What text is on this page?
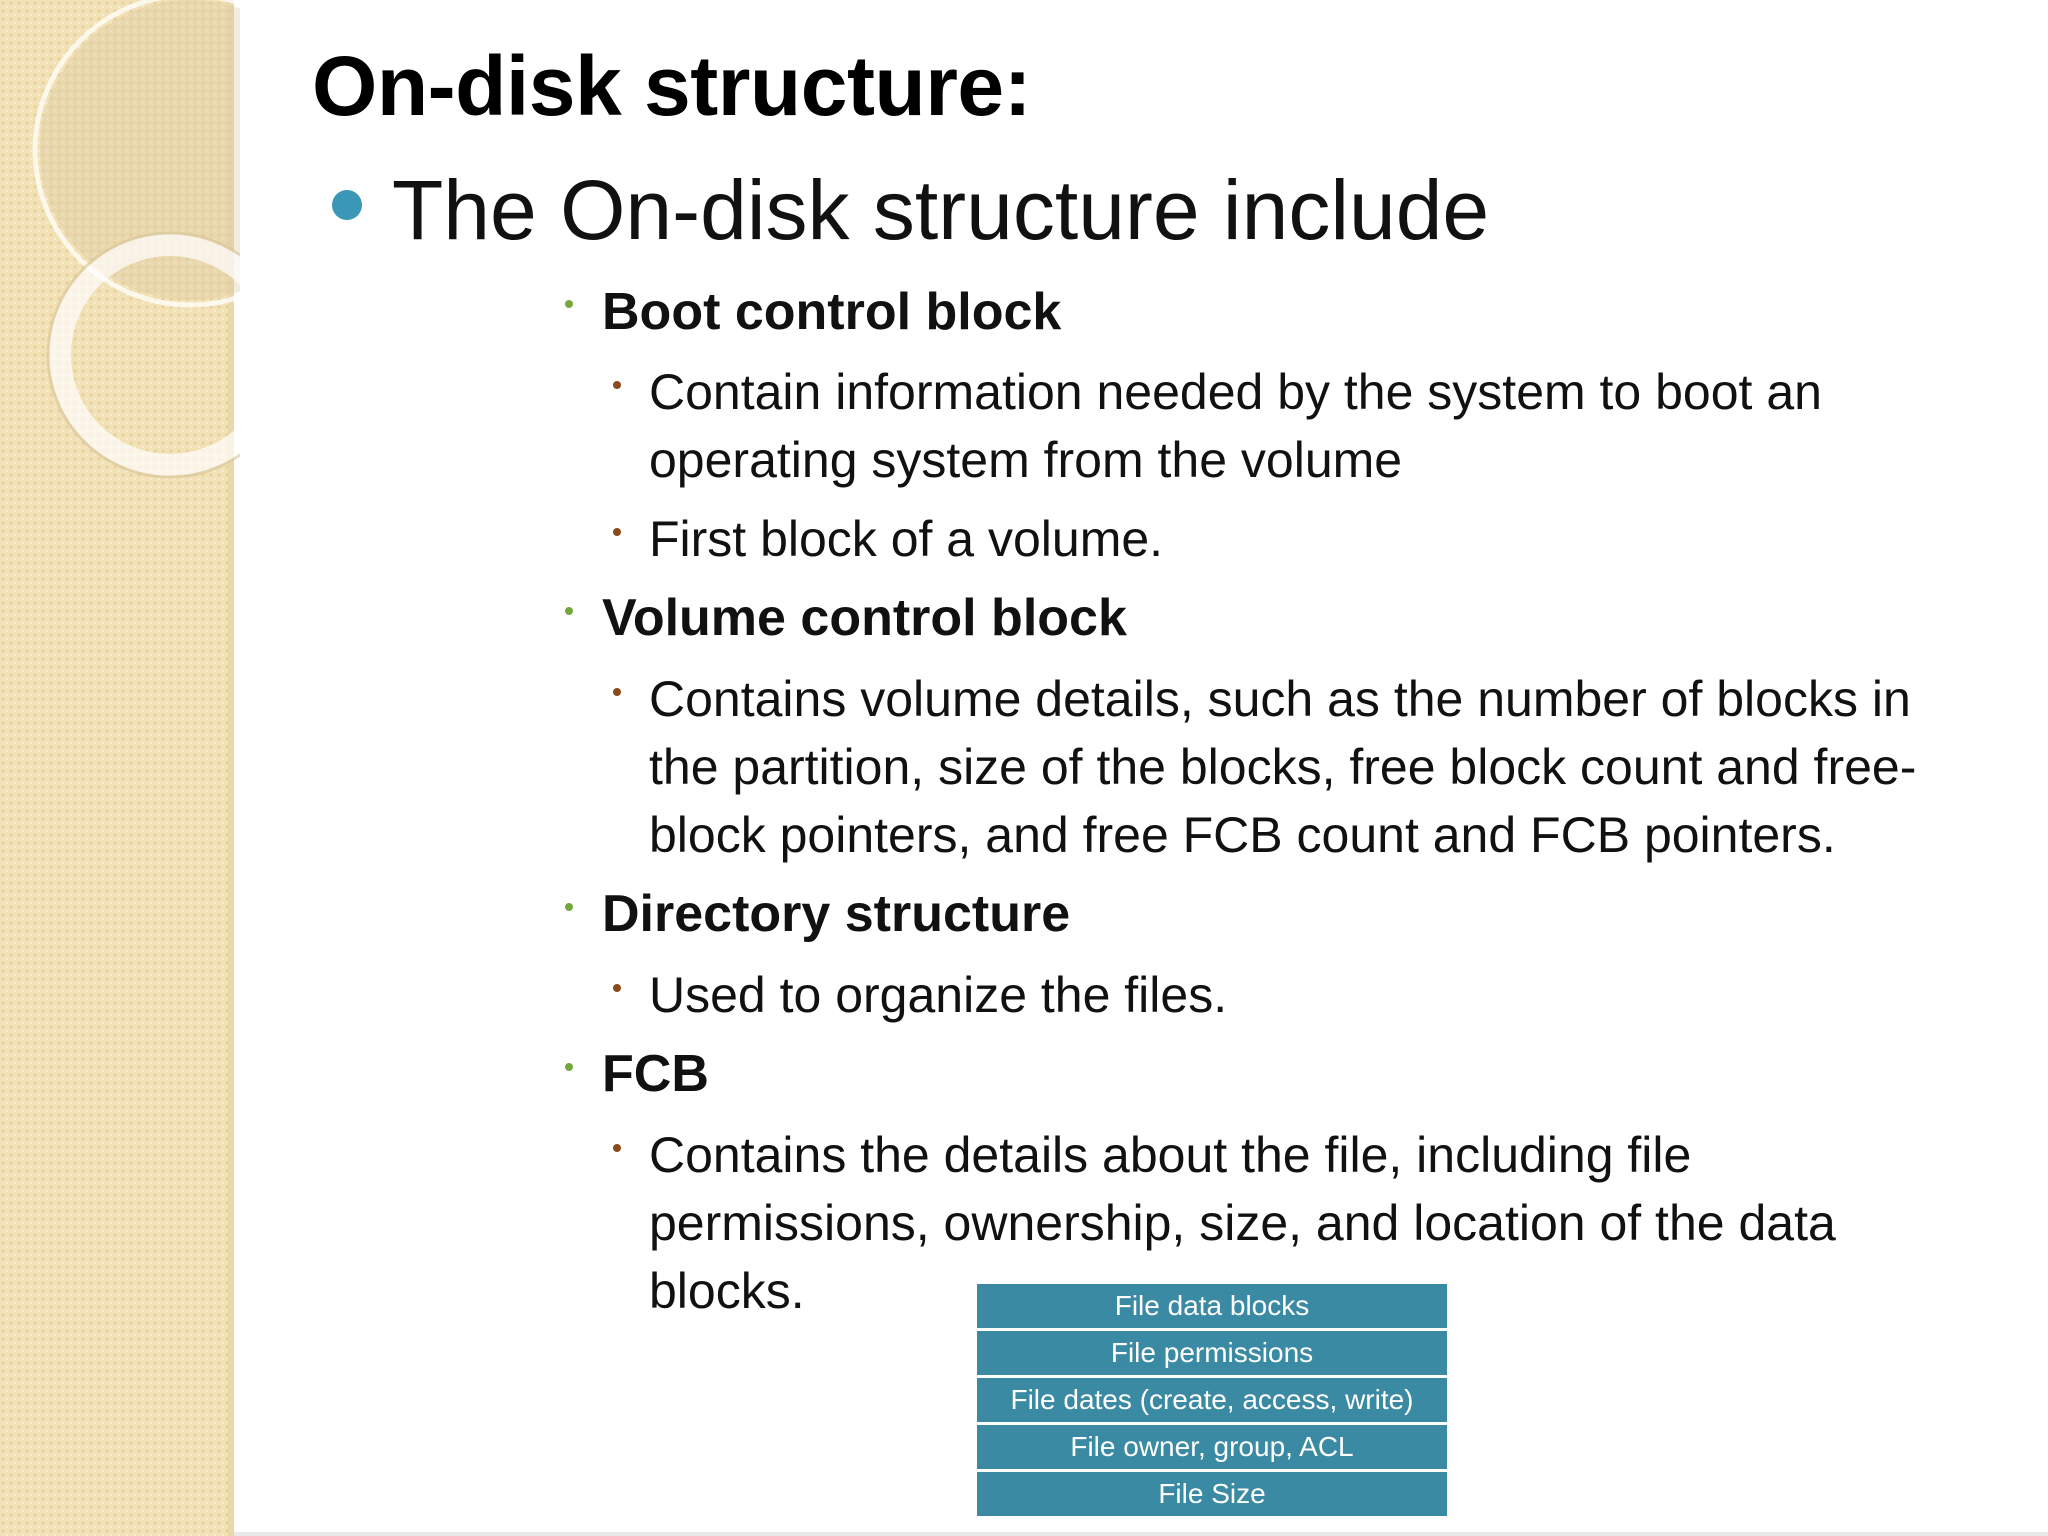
On-disk structure:
The On-disk structure include
Boot control block
Contain information needed by the system to boot an
operating system from the volume
First block of a volume.
Volume control block
Contains volume details, such as the number of blocks in
the partition, size of the blocks, free block count and free-
block pointers, and free FCB count and FCB pointers.
Directory structure
Used to organize the files.
FCB
Contains the details about the file, including file
permissions, ownership, size, and location of the data
blocks.	File data blocks
File permissions
File dates (create, access, write)
File owner, group, ACL
File Size
